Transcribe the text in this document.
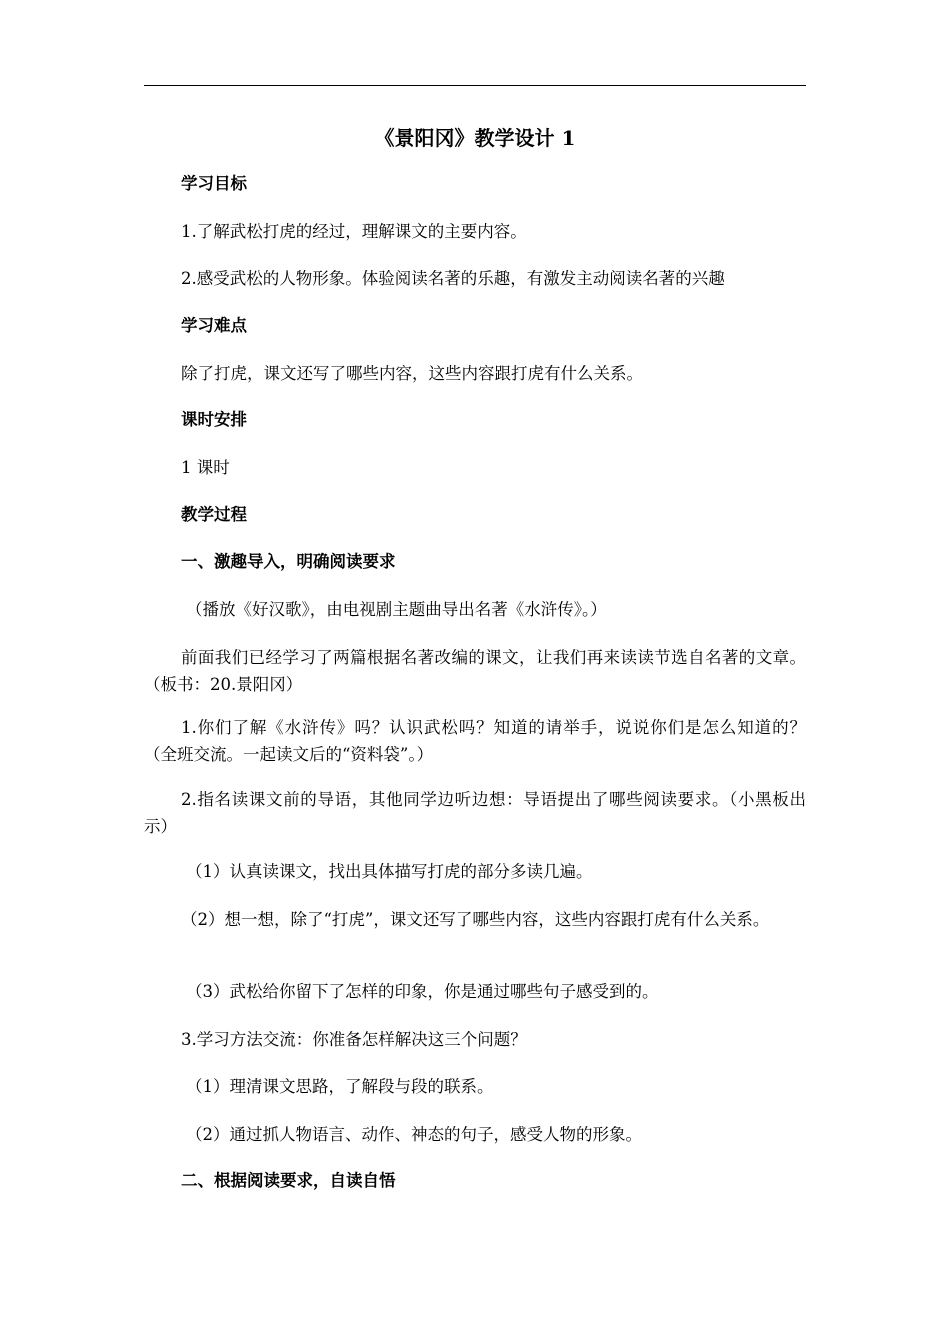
《景阳冈》教学设计 1
学习目标
1.了解武松打虎的经过，理解课文的主要内容。
2.感受武松的人物形象。体验阅读名著的乐趣，有激发主动阅读名著的兴趣
学习难点
除了打虎，课文还写了哪些内容，这些内容跟打虎有什么关系。
课时安排
1 课时
教学过程
一、激趣导入，明确阅读要求
（播放《好汉歌》，由电视剧主题曲导出名著《水浒传》。）
前面我们已经学习了两篇根据名著改编的课文，让我们再来读读节选自名著的文章。（板书：20.景阳冈）
1.你们了解《水浒传》吗？认识武松吗？知道的请举手，说说你们是怎么知道的？（全班交流。一起读文后的“资料袋”。）
2.指名读课文前的导语，其他同学边听边想：导语提出了哪些阅读要求。（小黑板出示）
（1）认真读课文，找出具体描写打虎的部分多读几遍。
（2）想一想，除了“打虎”，课文还写了哪些内容，这些内容跟打虎有什么关系。
（3）武松给你留下了怎样的印象，你是通过哪些句子感受到的。
3.学习方法交流：你准备怎样解决这三个问题？
（1）理清课文思路，了解段与段的联系。
（2）通过抓人物语言、动作、神态的句子，感受人物的形象。
二、根据阅读要求，自读自悟
